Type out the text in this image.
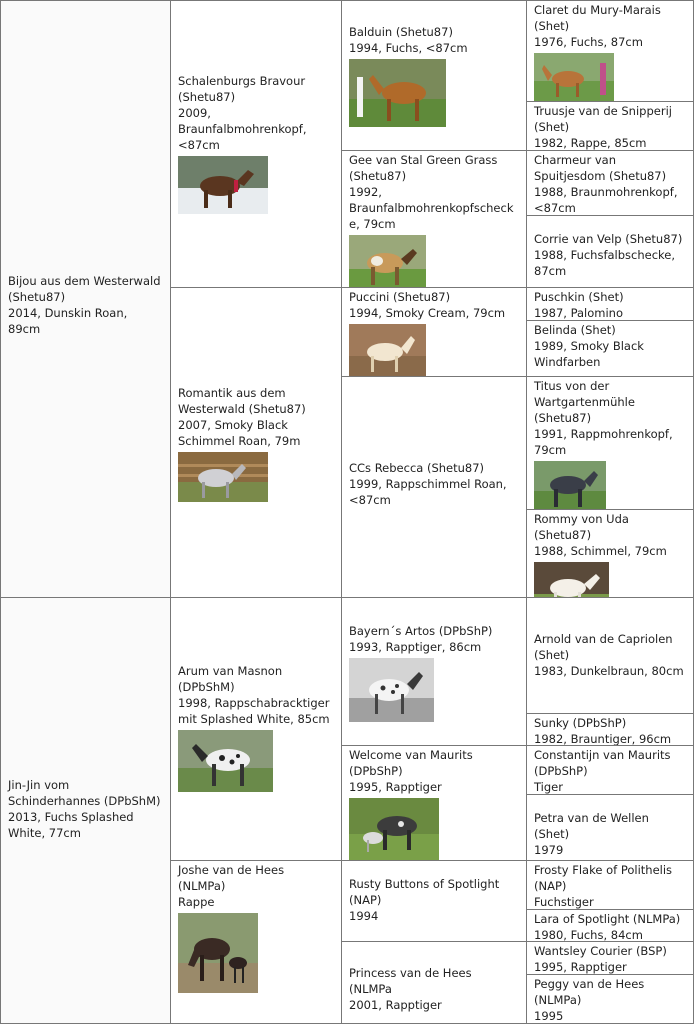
Bijou aus dem Westerwald (Shetu87)
2014, Dunskin Roan, 89cm
Schalenburgs Bravour (Shetu87)
2009, Braunfalbmohrenkopf, <87cm
Balduin (Shetu87)
1994, Fuchs, <87cm
Claret du Mury-Marais (Shet)
1976, Fuchs, 87cm
Truusje van de Snipperij (Shet)
1982, Rappe, 85cm
Gee van Stal Green Grass (Shetu87)
1992, Braunfalbmohrenkopfschecke, 79cm
Charmeur van Spuitjesdom (Shetu87)
1988, Braunmohrenkopf, <87cm
Corrie van Velp (Shetu87)
1988, Fuchsfalbschecke, 87cm
Romantik aus dem Westerwald (Shetu87)
2007, Smoky Black Schimmel Roan, 79m
Puccini (Shetu87)
1994, Smoky Cream, 79cm
Puschkin (Shet)
1987, Palomino
Belinda (Shet)
1989, Smoky Black Windfarben
CCs Rebecca (Shetu87)
1999, Rappschimmel Roan, <87cm
Titus von der Wartgartenmühle (Shetu87)
1991, Rappmohrenkopf, 79cm
Rommy von Uda (Shetu87)
1988, Schimmel, 79cm
Jin-Jin vom Schinderhannes (DPbShM)
2013, Fuchs Splashed White, 77cm
Arum van Masnon (DPbShM)
1998, Rappschabracktiger mit Splashed White, 85cm
Bayern´s Artos (DPbShP)
1993, Rapptiger, 86cm
Arnold van de Capriolen (Shet)
1983, Dunkelbraun, 80cm
Sunky (DPbShP)
1982, Brauntiger, 96cm
Welcome van Maurits (DPbShP)
1995, Rapptiger
Constantijn van Maurits (DPbShP)
Tiger
Petra van de Wellen (Shet)
1979
Joshe van de Hees (NLMPa)
Rappe
Rusty Buttons of Spotlight (NAP)
1994
Frosty Flake of Polithelis (NAP)
Fuchstiger
Lara of Spotlight (NLMPa)
1980, Fuchs, 84cm
Princess van de Hees (NLMPa
2001, Rapptiger
Wantsley Courier (BSP)
1995, Rapptiger
Peggy van de Hees (NLMPa)
1995
